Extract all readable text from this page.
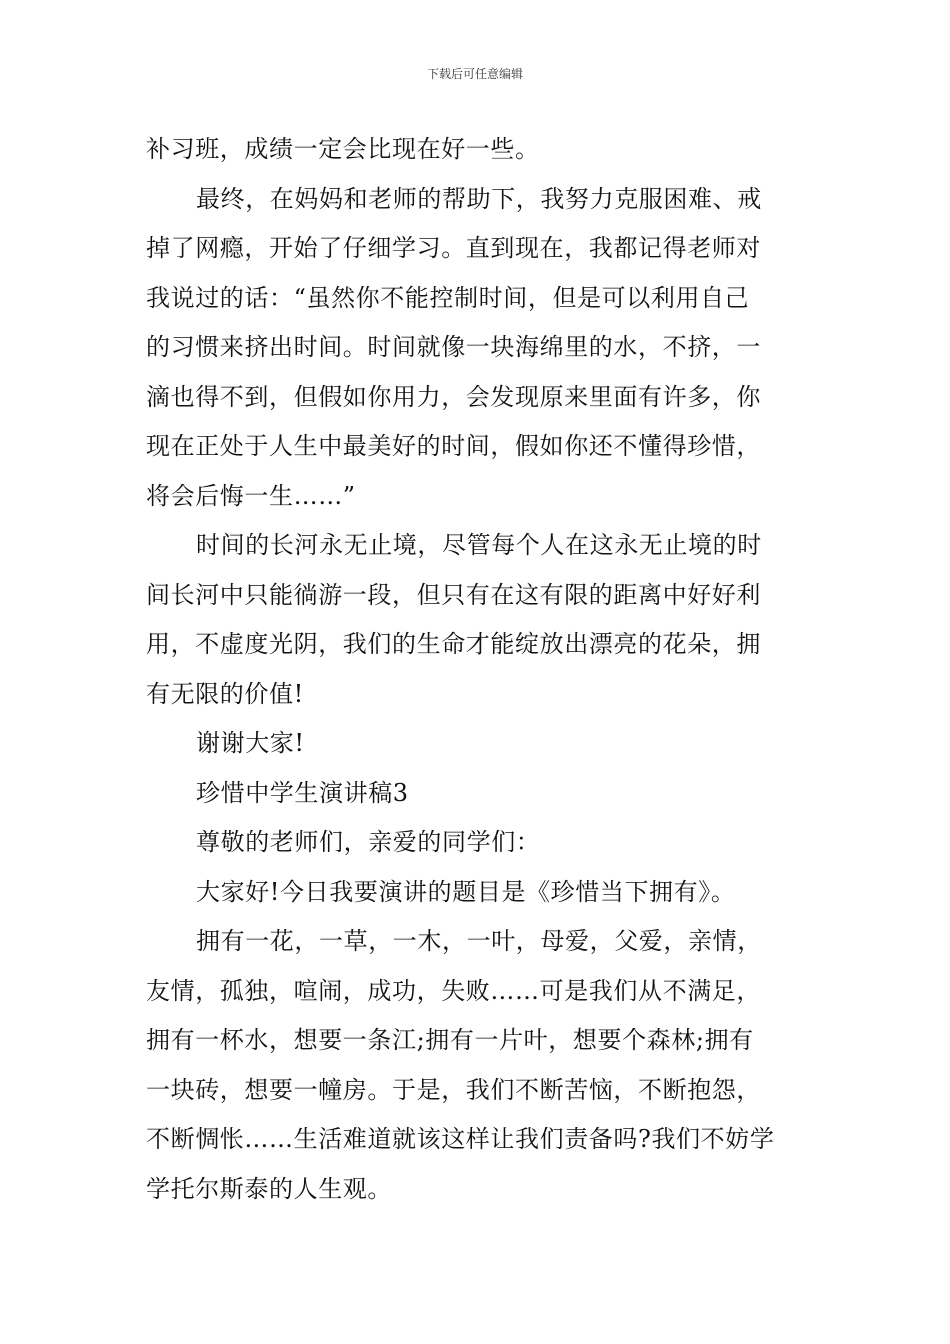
下载后可任意编辑

补习班，成绩一定会比现在好一些。

最终，在妈妈和老师的帮助下，我努力克服困难、戒

掉了网瘾，开始了仔细学习。直到现在，我都记得老师对

我说过的话：“虽然你不能控制时间，但是可以利用自己

的习惯来挤出时间。时间就像一块海绵里的水，不挤，一

滴也得不到，但假如你用力，会发现原来里面有许多，你

现在正处于人生中最美好的时间，假如你还不懂得珍惜，

将会后悔一生……”

时间的长河永无止境，尽管每个人在这永无止境的时

间长河中只能徜游一段，但只有在这有限的距离中好好利

用，不虚度光阴，我们的生命才能绽放出漂亮的花朵，拥

有无限的价值!

谢谢大家!

珍惜中学生演讲稿3

尊敬的老师们，亲爱的同学们：

大家好!今日我要演讲的题目是《珍惜当下拥有》。

拥有一花，一草，一木，一叶，母爱，父爱，亲情，

友情，孤独，喧闹，成功，失败……可是我们从不满足，

拥有一杯水，想要一条江;拥有一片叶，想要个森林;拥有

一块砖，想要一幢房。于是，我们不断苦恼，不断抱怨，

不断惆怅……生活难道就该这样让我们责备吗?我们不妨学

学托尔斯泰的人生观。
